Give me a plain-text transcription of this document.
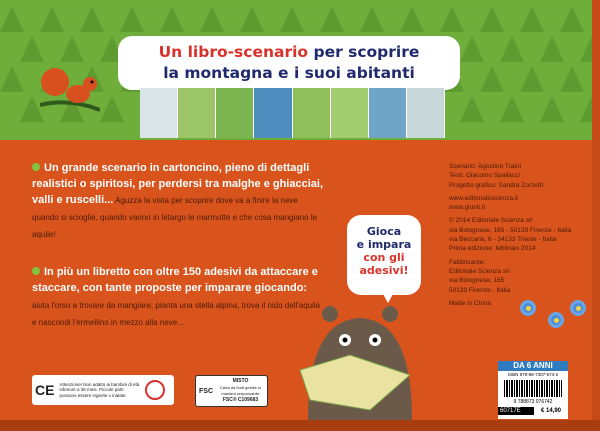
Un libro-scenario per scoprire
la montagna e i suoi abitanti
Un grande scenario in cartoncino, pieno di dettagli realistici o spiritosi, per perdersi tra malghe e ghiacciai, valli e ruscelli... Aguzza la vista per scoprire dove va a finire la neve quando si scioglie, quando vanno in letargo le marmotte e che cosa mangiano le aquile!
In più un libretto con oltre 150 adesivi da attaccare e staccare, con tante proposte per imparare giocando: aiuta l'orso a trovare da mangiare, pianta una stella alpina, trova il nido dell'aquila e nascondi l'ermellino in mezzo alla neve...
Gioca
e impara
con gli
adesivi!

Scenario: Agostino Traini
Testi: Giacomo Spallacci
Progetto grafico: Sandra Zorzetti

www.editorialescienza.it
www.giunti.it

© 2014 Editoriale Scienza srl
via Bolognese, 165 - 50139 Firenze - Italia
via Beccaria, 6 - 34133 Trieste - Italia
Prima edizione: febbraio 2014

Fabbricante:
Editoriale Scienza srl
via Bolognese, 165
50139 Firenze - Italia

Made in China

CE Attenzione! Non adatto ai bambini di età inferiore a 36 mesi. Piccole parti possono essere ingerite o inalate.
FSC
MISTO
Carta da fonti gestite in maniera responsabile
FSC® C109683
DA 6 ANNI
ISBN 978-88-7307-674-2
9 788873 076742
60717E	€ 14,90
